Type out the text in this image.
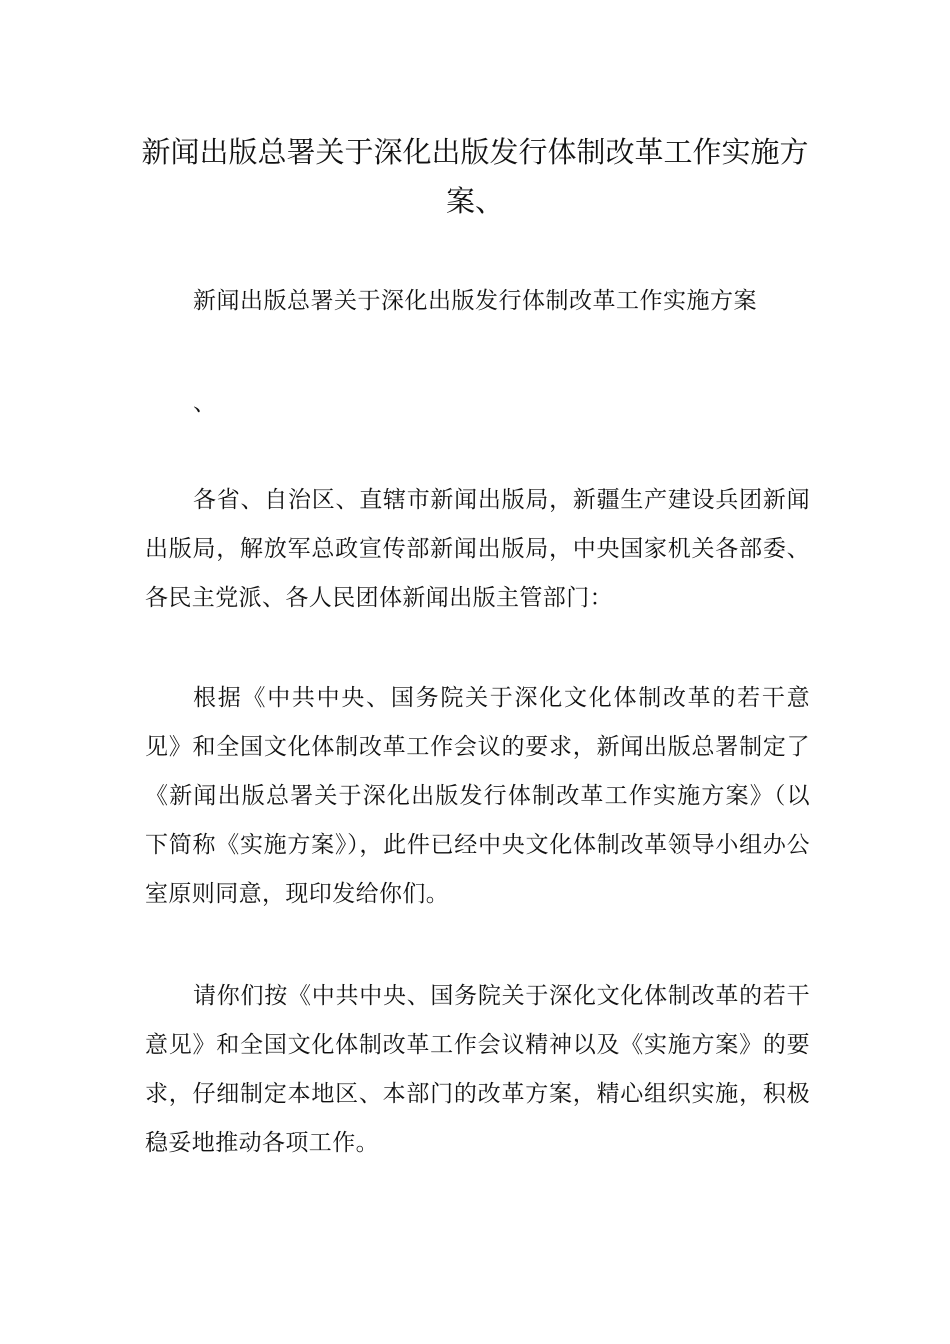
新闻出版总署关于深化出版发行体制改革工作实施方案、

新闻出版总署关于深化出版发行体制改革工作实施方案

、

各省、自治区、直辖市新闻出版局，新疆生产建设兵团新闻出版局，解放军总政宣传部新闻出版局，中央国家机关各部委、各民主党派、各人民团体新闻出版主管部门：

根据《中共中央、国务院关于深化文化体制改革的若干意见》和全国文化体制改革工作会议的要求，新闻出版总署制定了《新闻出版总署关于深化出版发行体制改革工作实施方案》（以下简称《实施方案》），此件已经中央文化体制改革领导小组办公室原则同意，现印发给你们。

请你们按《中共中央、国务院关于深化文化体制改革的若干意见》和全国文化体制改革工作会议精神以及《实施方案》的要求，仔细制定本地区、本部门的改革方案，精心组织实施，积极稳妥地推动各项工作。
